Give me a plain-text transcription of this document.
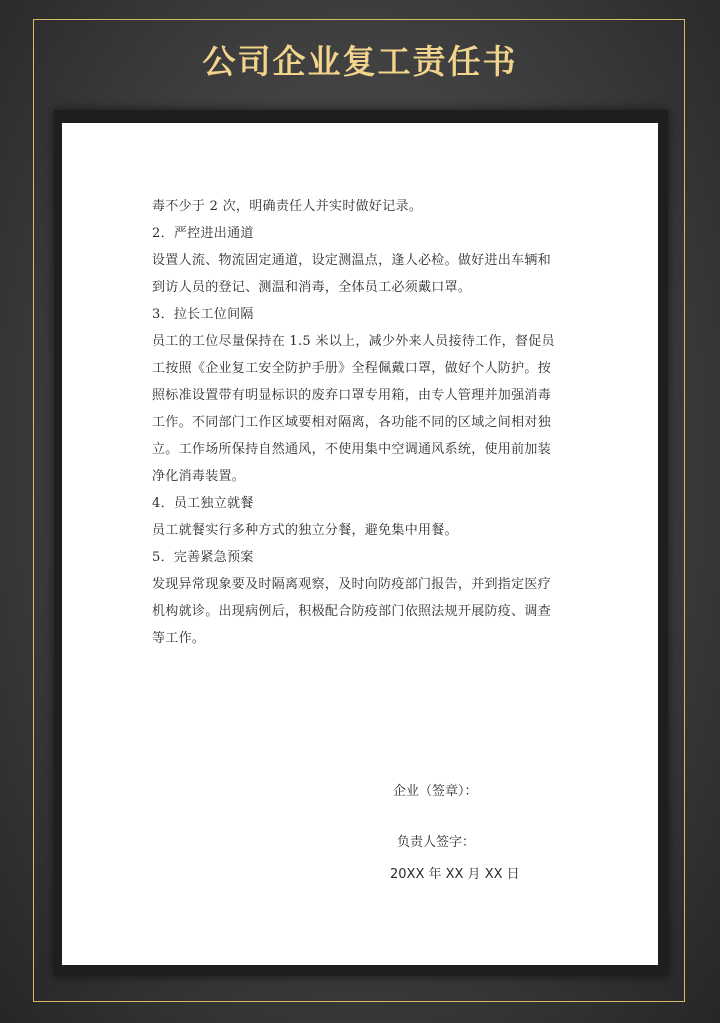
公司企业复工责任书

毒不少于 2 次，明确责任人并实时做好记录。

2．严控进出通道

设置人流、物流固定通道，设定测温点，逢人必检。做好进出车辆和

到访人员的登记、测温和消毒，全体员工必须戴口罩。

3．拉长工位间隔

员工的工位尽量保持在 1.5 米以上，减少外来人员接待工作，督促员

工按照《企业复工安全防护手册》全程佩戴口罩，做好个人防护。按

照标准设置带有明显标识的废弃口罩专用箱，由专人管理并加强消毒

工作。不同部门工作区域要相对隔离，各功能不同的区域之间相对独

立。工作场所保持自然通风，不使用集中空调通风系统，使用前加装

净化消毒装置。

4．员工独立就餐

员工就餐实行多种方式的独立分餐，避免集中用餐。

5．完善紧急预案

发现异常现象要及时隔离观察，及时向防疫部门报告，并到指定医疗

机构就诊。出现病例后，积极配合防疫部门依照法规开展防疫、调查

等工作。

企业（签章）：
负责人签字：
20XX 年 XX 月 XX 日
